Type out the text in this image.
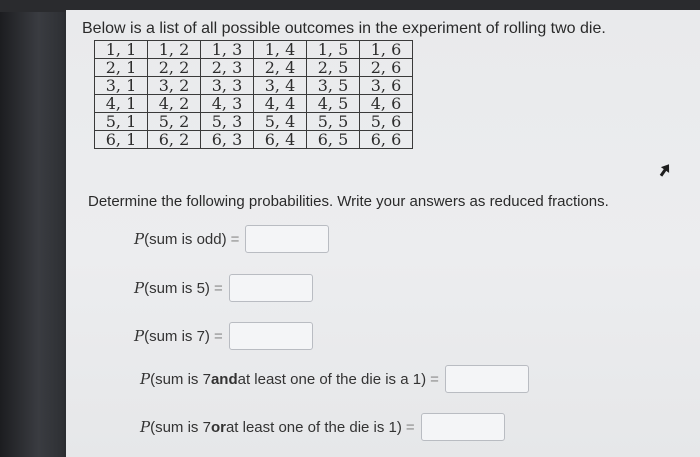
Below is a list of all possible outcomes in the experiment of rolling two die.
1, 1	1, 2	1, 3	1, 4	1, 5	1, 6
2, 1	2, 2	2, 3	2, 4	2, 5	2, 6
3, 1	3, 2	3, 3	3, 4	3, 5	3, 6
4, 1	4, 2	4, 3	4, 4	4, 5	4, 6
5, 1	5, 2	5, 3	5, 4	5, 5	5, 6
6, 1	6, 2	6, 3	6, 4	6, 5	6, 6
Determine the following probabilities. Write your answers as reduced fractions.
P (sum is odd) =
P (sum is 5) =
P (sum is 7) =
P (sum is 7 and at least one of the die is a 1) =
P (sum is 7 or at least one of the die is 1) =
